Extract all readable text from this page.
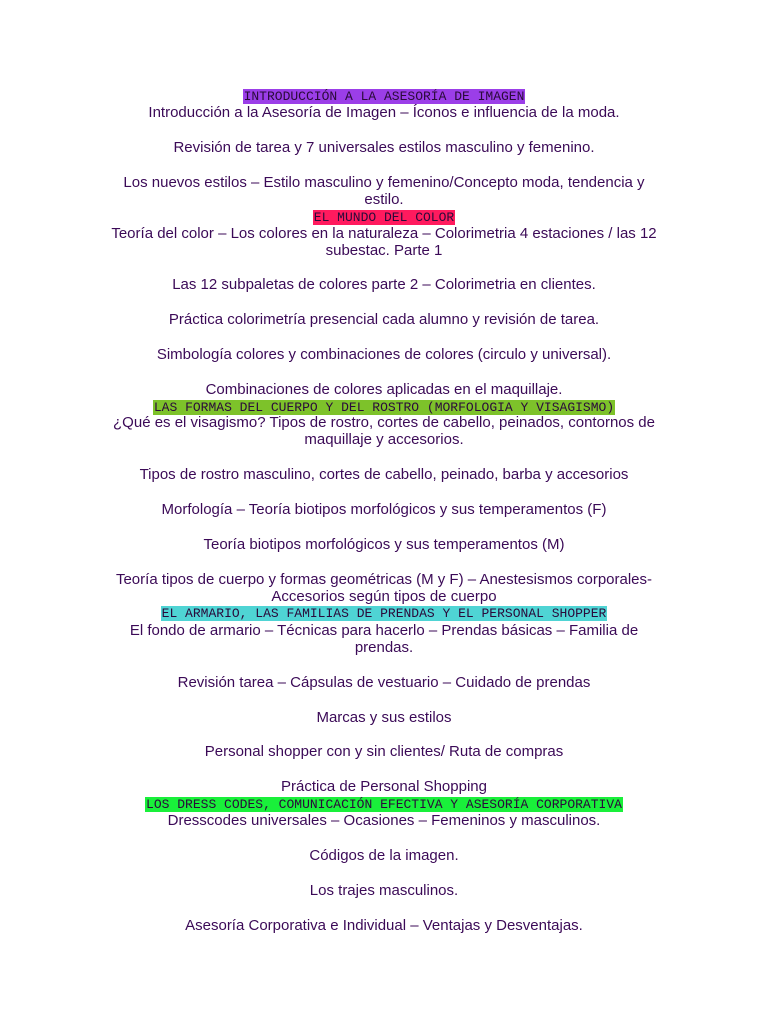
INTRODUCCIÓN A LA ASESORÍA DE IMAGEN
Introducción a la Asesoría de Imagen – Íconos e influencia de la moda.
Revisión de tarea y 7 universales estilos masculino y femenino.
Los nuevos estilos – Estilo masculino y femenino/Concepto moda, tendencia y estilo.
EL MUNDO DEL COLOR
Teoría del color – Los colores en la naturaleza – Colorimetria 4 estaciones / las 12 subestac. Parte 1
Las 12 subpaletas de colores parte 2 – Colorimetria en clientes.
Práctica colorimetría presencial cada alumno y revisión de tarea.
Simbología colores y combinaciones de colores (circulo y universal).
Combinaciones de colores aplicadas en el maquillaje.
LAS FORMAS DEL CUERPO Y DEL ROSTRO (MORFOLOGIA Y VISAGISMO)
¿Qué es el visagismo? Tipos de rostro, cortes de cabello, peinados, contornos de maquillaje y accesorios.
Tipos de rostro masculino, cortes de cabello, peinado, barba y accesorios
Morfología – Teoría biotipos morfológicos y sus temperamentos (F)
Teoría biotipos morfológicos y sus temperamentos (M)
Teoría tipos de cuerpo y formas geométricas (M y F) – Anestesismos corporales- Accesorios según tipos de cuerpo
EL ARMARIO, LAS FAMILIAS DE PRENDAS Y EL PERSONAL SHOPPER
El fondo de armario – Técnicas para hacerlo – Prendas básicas – Familia de prendas.
Revisión tarea – Cápsulas de vestuario – Cuidado de prendas
Marcas y sus estilos
Personal shopper con y sin clientes/ Ruta de compras
Práctica de Personal Shopping
LOS DRESS CODES, COMUNICACIÓN EFECTIVA Y ASESORÍA CORPORATIVA
Dresscodes universales – Ocasiones – Femeninos y masculinos.
Códigos de la imagen.
Los trajes masculinos.
Asesoría Corporativa e Individual – Ventajas y Desventajas.
